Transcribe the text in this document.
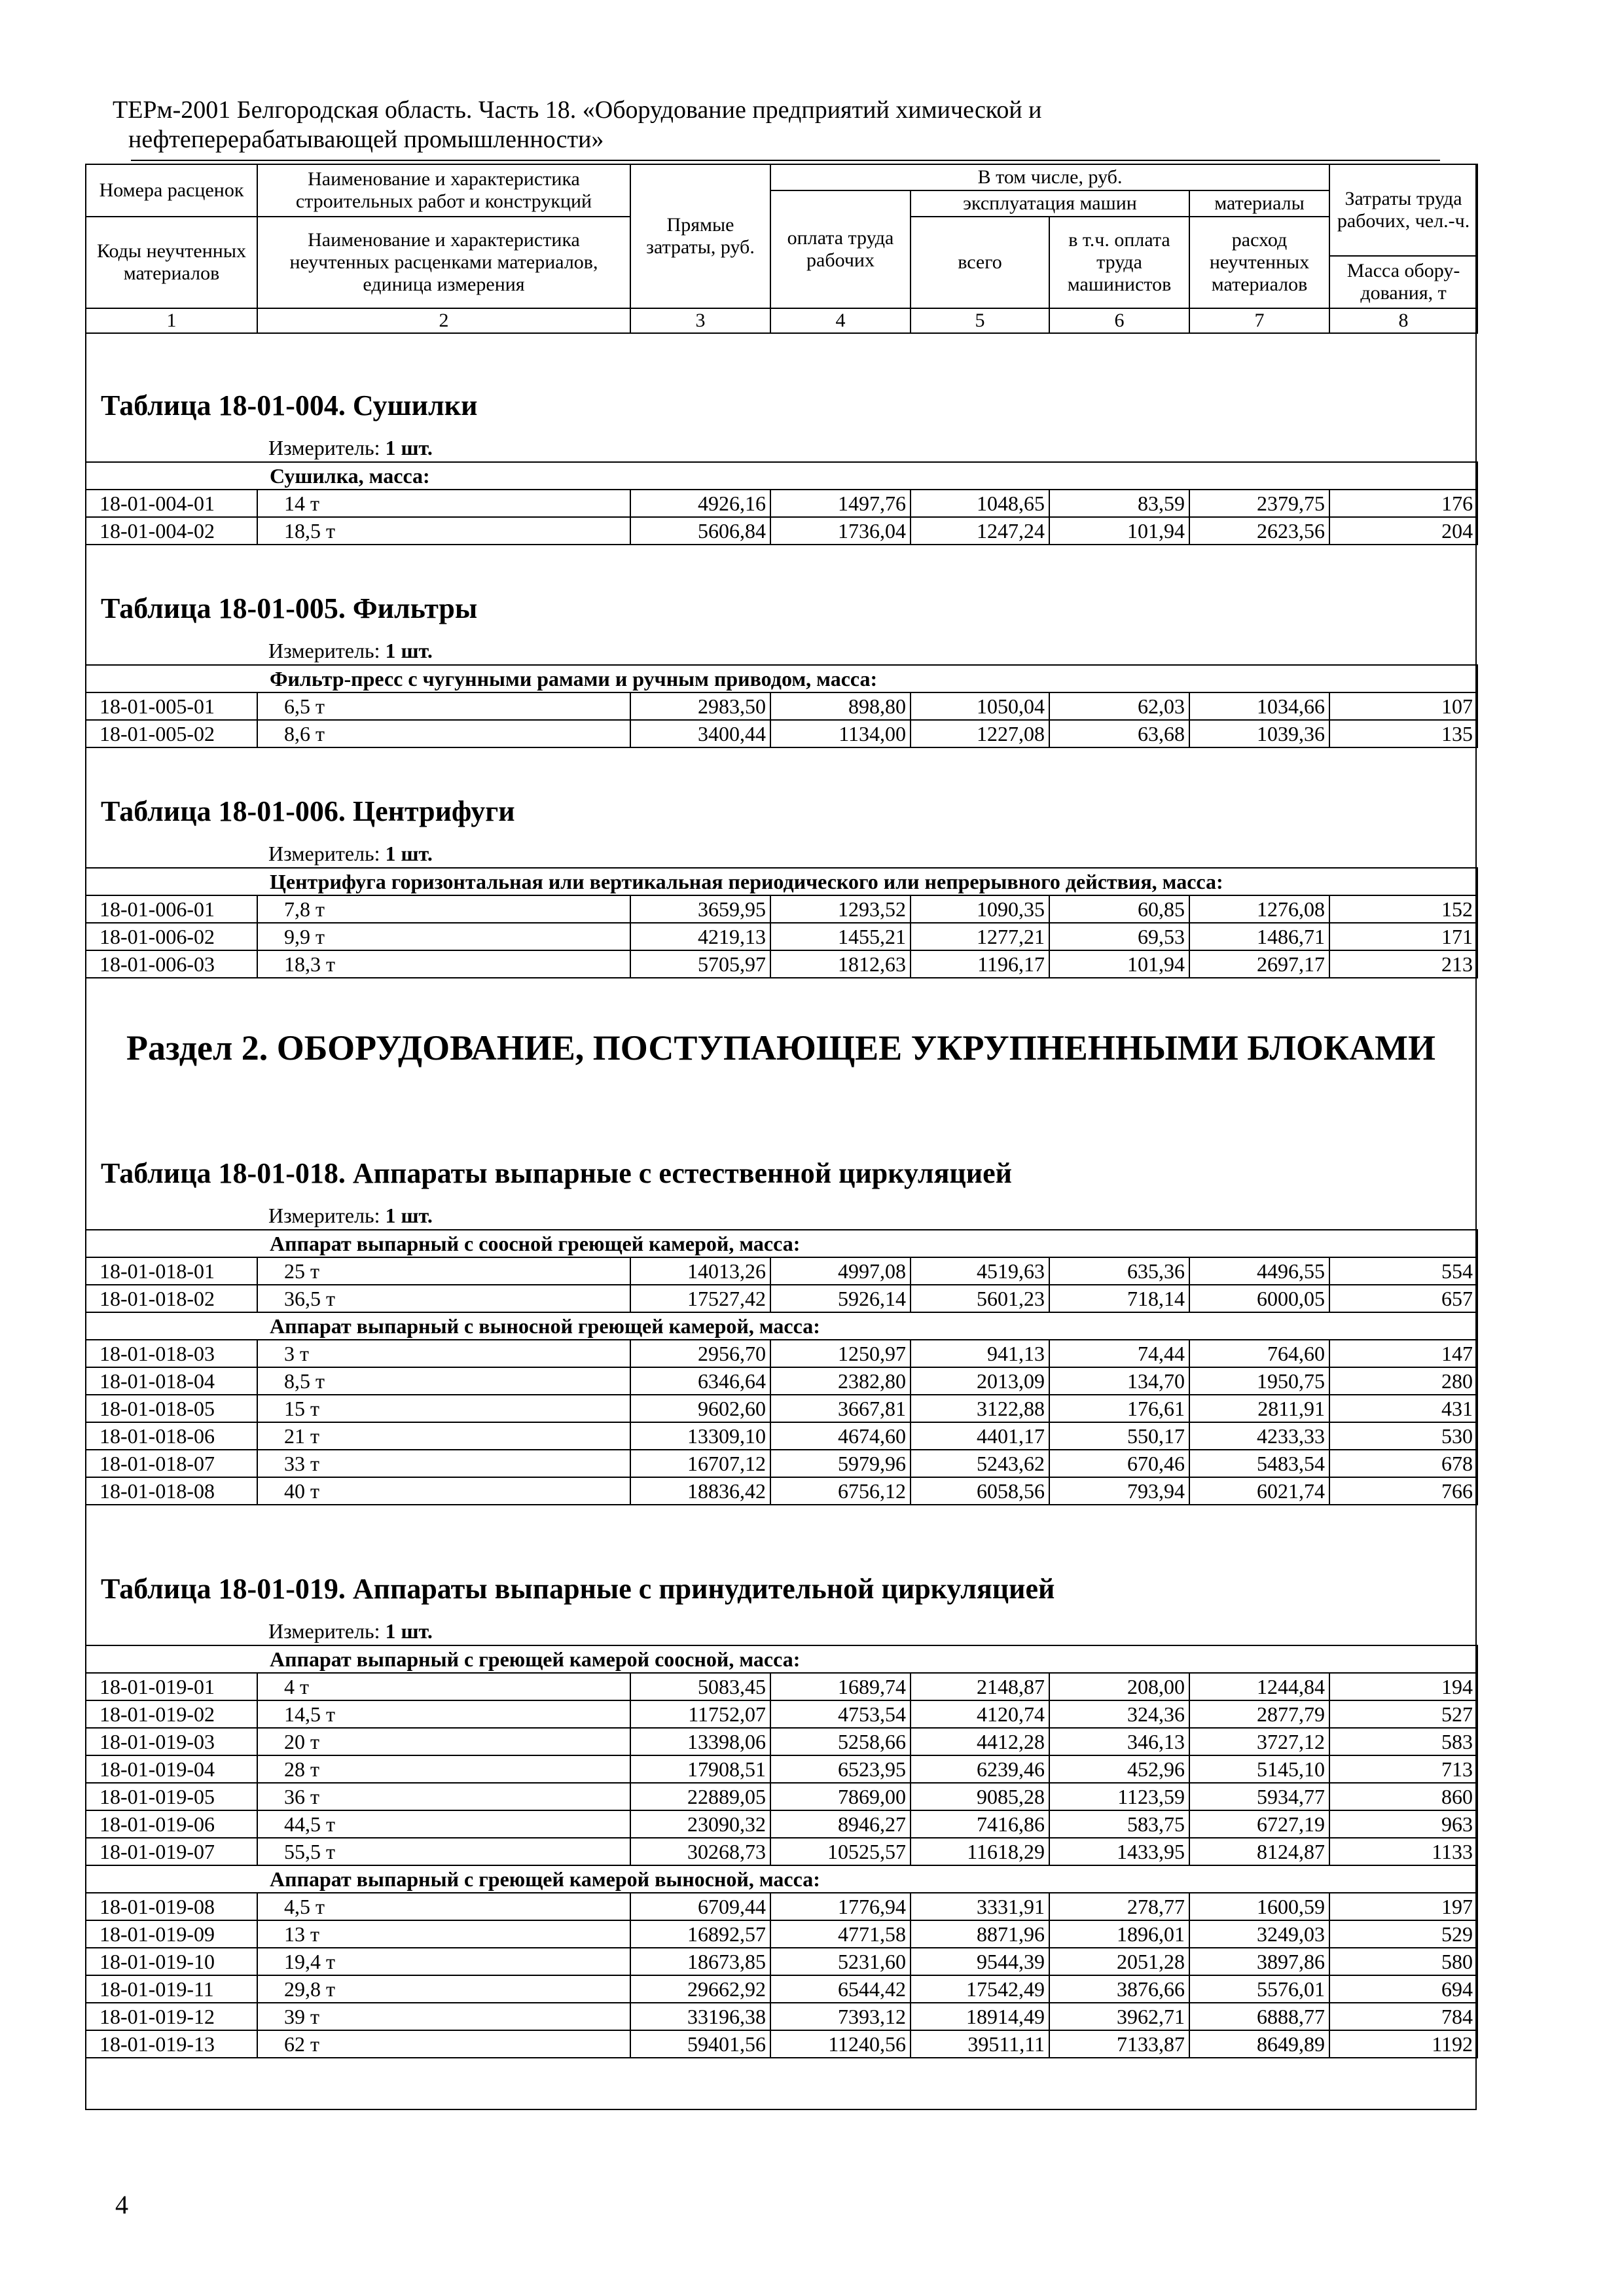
ТЕРм-2001 Белгородская область. Часть 18. «Оборудование предприятий химической и
нефтеперерабатывающей промышленности»
Номера расценок	Наименование и характеристика строительных работ и конструкций	Прямые затраты, руб.	В том числе, руб.				Затраты труда рабочих, чел.-ч.
			оплата труда рабочих	эксплуатация машин		материалы	
Коды неучтенных материалов	Наименование и характеристика неучтенных расценками материалов, единица измерения			всего	в т.ч. оплата труда машинистов	расход неучтенных материалов	
							Масса обору-дования, т
1	2	3	4	5	6	7	8
Таблица 18-01-004. Сушилки
Измеритель: 1 шт.
Сушилка, масса:							
18-01-004-01	14 т	4926,16	1497,76	1048,65	83,59	2379,75	176
18-01-004-02	18,5 т	5606,84	1736,04	1247,24	101,94	2623,56	204
Таблица 18-01-005. Фильтры
Измеритель: 1 шт.
Фильтр-пресс с чугунными рамами и ручным приводом, масса:							
18-01-005-01	6,5 т	2983,50	898,80	1050,04	62,03	1034,66	107
18-01-005-02	8,6 т	3400,44	1134,00	1227,08	63,68	1039,36	135
Таблица 18-01-006. Центрифуги
Измеритель: 1 шт.
Центрифуга горизонтальная или вертикальная периодического или непрерывного действия, масса:							
18-01-006-01	7,8 т	3659,95	1293,52	1090,35	60,85	1276,08	152
18-01-006-02	9,9 т	4219,13	1455,21	1277,21	69,53	1486,71	171
18-01-006-03	18,3 т	5705,97	1812,63	1196,17	101,94	2697,17	213
Раздел 2. ОБОРУДОВАНИЕ, ПОСТУПАЮЩЕЕ УКРУПНЕННЫМИ БЛОКАМИ
Таблица 18-01-018. Аппараты выпарные с естественной циркуляцией
Измеритель: 1 шт.
Аппарат выпарный с соосной греющей камерой, масса:							
18-01-018-01	25 т	14013,26	4997,08	4519,63	635,36	4496,55	554
18-01-018-02	36,5 т	17527,42	5926,14	5601,23	718,14	6000,05	657
Аппарат выпарный с выносной греющей камерой, масса:							
18-01-018-03	3 т	2956,70	1250,97	941,13	74,44	764,60	147
18-01-018-04	8,5 т	6346,64	2382,80	2013,09	134,70	1950,75	280
18-01-018-05	15 т	9602,60	3667,81	3122,88	176,61	2811,91	431
18-01-018-06	21 т	13309,10	4674,60	4401,17	550,17	4233,33	530
18-01-018-07	33 т	16707,12	5979,96	5243,62	670,46	5483,54	678
18-01-018-08	40 т	18836,42	6756,12	6058,56	793,94	6021,74	766
Таблица 18-01-019. Аппараты выпарные с принудительной циркуляцией
Измеритель: 1 шт.
Аппарат выпарный с греющей камерой соосной, масса:							
18-01-019-01	4 т	5083,45	1689,74	2148,87	208,00	1244,84	194
18-01-019-02	14,5 т	11752,07	4753,54	4120,74	324,36	2877,79	527
18-01-019-03	20 т	13398,06	5258,66	4412,28	346,13	3727,12	583
18-01-019-04	28 т	17908,51	6523,95	6239,46	452,96	5145,10	713
18-01-019-05	36 т	22889,05	7869,00	9085,28	1123,59	5934,77	860
18-01-019-06	44,5 т	23090,32	8946,27	7416,86	583,75	6727,19	963
18-01-019-07	55,5 т	30268,73	10525,57	11618,29	1433,95	8124,87	1133
Аппарат выпарный с греющей камерой выносной, масса:							
18-01-019-08	4,5 т	6709,44	1776,94	3331,91	278,77	1600,59	197
18-01-019-09	13 т	16892,57	4771,58	8871,96	1896,01	3249,03	529
18-01-019-10	19,4 т	18673,85	5231,60	9544,39	2051,28	3897,86	580
18-01-019-11	29,8 т	29662,92	6544,42	17542,49	3876,66	5576,01	694
18-01-019-12	39 т	33196,38	7393,12	18914,49	3962,71	6888,77	784
18-01-019-13	62 т	59401,56	11240,56	39511,11	7133,87	8649,89	1192
4
